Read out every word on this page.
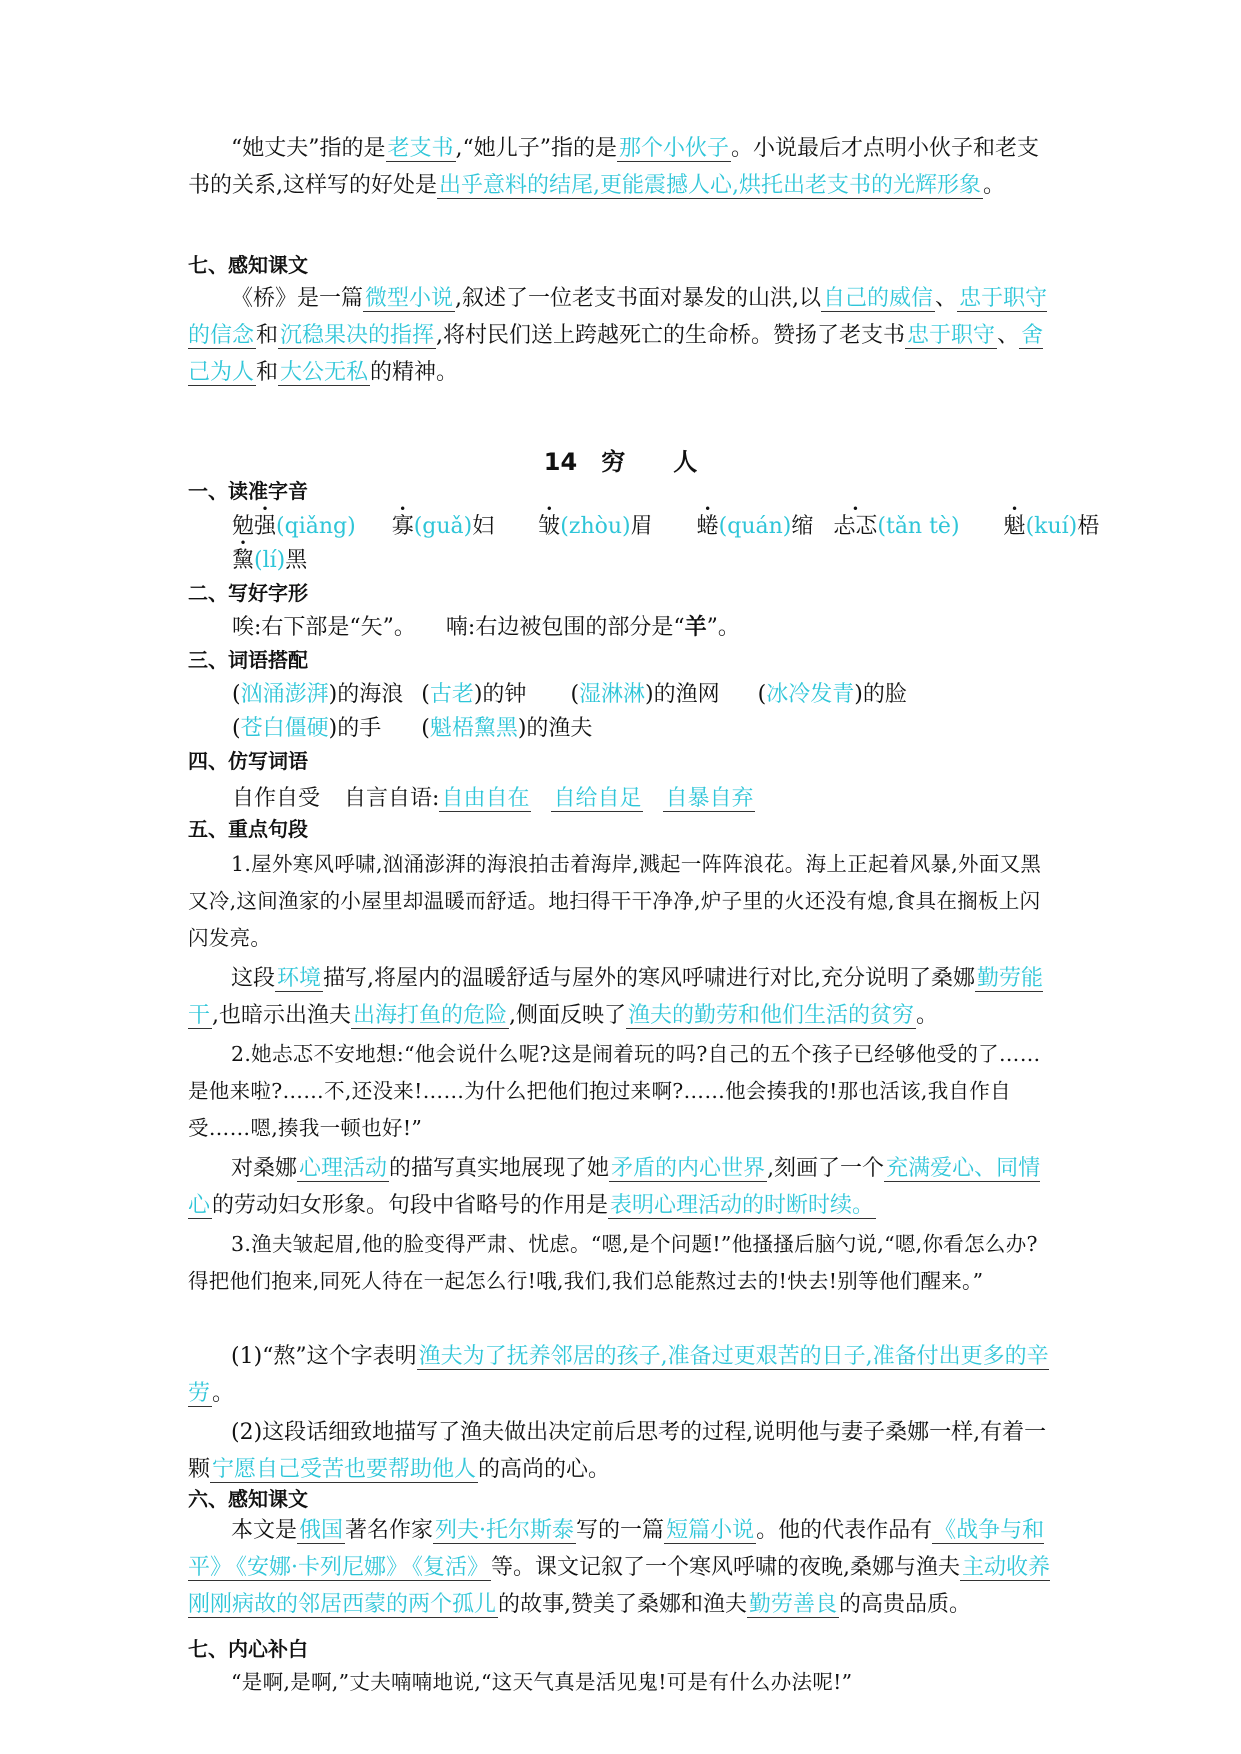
“她丈夫”指的是老支书,“她儿子”指的是那个小伙子。小说最后才点明小伙子和老支书的关系,这样写的好处是出乎意料的结尾,更能震撼人心,烘托出老支书的光辉形象。
七、感知课文
《桥》是一篇微型小说,叙述了一位老支书面对暴发的山洪,以自己的威信、忠于职守的信念和沉稳果决的指挥,将村民们送上跨越死亡的生命桥。赞扬了老支书忠于职守、舍己为人和大公无私的精神。
14　穷　　人
一、读准字音
勉强(qiǎng) 寡(guǎ)妇 皱(zhòu)眉 蜷(quán)缩 忐忑(tǎn tè) 魁(kuí)梧
黧(lí)黑
二、写好字形
唉:右下部是“矢”。 喃:右边被包围的部分是“羊”。
三、词语搭配
(汹涌澎湃)的海浪 (古老)的钟 (湿淋淋)的渔网 (冰冷发青)的脸
(苍白僵硬)的手 (魁梧黧黑)的渔夫
四、仿写词语
自作自受 自言自语:自由自在 自给自足 自暴自弃
五、重点句段
1.屋外寒风呼啸,汹涌澎湃的海浪拍击着海岸,溅起一阵阵浪花。海上正起着风暴,外面又黑又冷,这间渔家的小屋里却温暖而舒适。地扫得干干净净,炉子里的火还没有熄,食具在搁板上闪闪发亮。
这段环境描写,将屋内的温暖舒适与屋外的寒风呼啸进行对比,充分说明了桑娜勤劳能干,也暗示出渔夫出海打鱼的危险,侧面反映了渔夫的勤劳和他们生活的贫穷。
2.她忐忑不安地想:“他会说什么呢?这是闹着玩的吗?自己的五个孩子已经够他受的了……是他来啦?……不,还没来!……为什么把他们抱过来啊?……他会揍我的!那也活该,我自作自受……嗯,揍我一顿也好!”
对桑娜心理活动的描写真实地展现了她矛盾的内心世界,刻画了一个充满爱心、同情心的劳动妇女形象。句段中省略号的作用是表明心理活动的时断时续。
3.渔夫皱起眉,他的脸变得严肃、忧虑。“嗯,是个问题!”他搔搔后脑勺说,“嗯,你看怎么办?得把他们抱来,同死人待在一起怎么行!哦,我们,我们总能熬过去的!快去!别等他们醒来。”
(1)“熬”这个字表明渔夫为了抚养邻居的孩子,准备过更艰苦的日子,准备付出更多的辛劳。
(2)这段话细致地描写了渔夫做出决定前后思考的过程,说明他与妻子桑娜一样,有着一颗宁愿自己受苦也要帮助他人的高尚的心。
六、感知课文
本文是俄国著名作家列夫·托尔斯泰写的一篇短篇小说。他的代表作品有《战争与和平》 《安娜·卡列尼娜》 《复活》等。课文记叙了一个寒风呼啸的夜晚,桑娜与渔夫主动收养刚刚病故的邻居西蒙的两个孤儿的故事,赞美了桑娜和渔夫勤劳善良的高贵品质。
七、内心补白
“是啊,是啊,”丈夫喃喃地说,“这天气真是活见鬼!可是有什么办法呢!”
